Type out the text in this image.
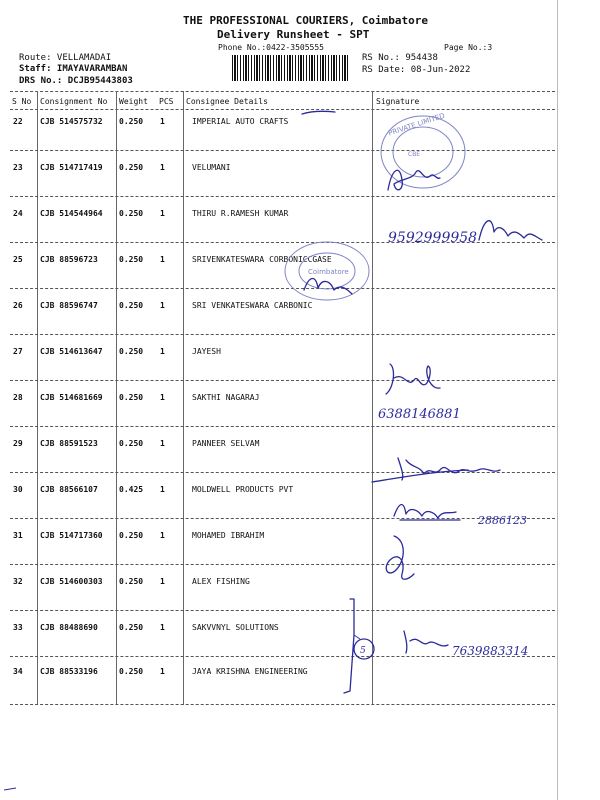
THE PROFESSIONAL COURIERS, Coimbatore
Delivery Runsheet - SPT
Phone No.:0422-3505555	Page No.:3
Route: VELLAMADAI
Staff: IMAYAVARAMBAN
DRS No.: DCJB95443803
RS No.: 954438
RS Date: 08-Jun-2022
S No Consignment No Weight PCS Consignee Details	Signature
22 CJB 514575732 0.250 1	IMPERIAL AUTO CRAFTS
23 CJB 514717419 0.250 1	VELUMANI
24 CJB 514544964 0.250 1	THIRU R.RAMESH KUMAR
25 CJB 88596723	0.250 1	SRIVENKATESWARA CORBONICCGASE
26 CJB 88596747	0.250 1	SRI VENKATESWARA CARBONIC
27 CJB 514613647 0.250 1	JAYESH
28 CJB 514681669 0.250 1	SAKTHI NAGARAJ
29 CJB 88591523	0.250 1	PANNEER SELVAM
30 CJB 88566107	0.425 1	MOLDWELL PRODUCTS PVT
31 CJB 514717360 0.250 1	MOHAMED IBRAHIM
32 CJB 514600303 0.250 1	ALEX FISHING
33 CJB 88488690	0.250 1	SAKVVNYL SOLUTIONS
34 CJB 88533196	0.250 1	JAYA KRISHNA ENGINEERING
PRIVATE LIMITED
CBE
Coimbatore
9592999958
6388146881
2886123
5	7639883314
